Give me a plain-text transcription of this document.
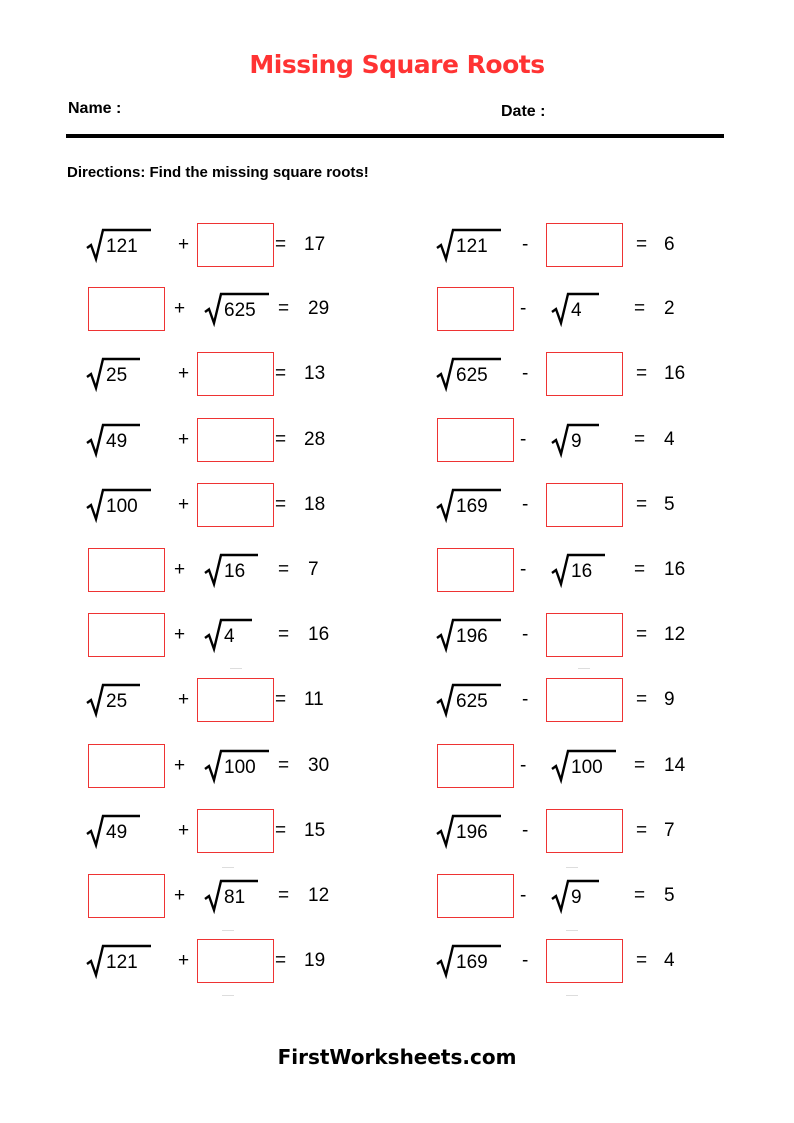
Missing Square Roots
Name :	Date :
Directions: Find the missing square roots!
121 +	= 17
+ 625 = 29
25	+	= 13
49	+	= 28
100 +	= 18
+ 16 = 7
+ 4 = 16
25	+	= 11
+ 100 = 30
49	+	= 15
+ 81 = 12
121 +	= 19
121 -	= 6
- 4	= 2
625 -	= 16
- 9	= 4
169 -	= 5
- 16 = 16
196 -	= 12
625 -	= 9
- 100 = 14
196 -	= 7
- 9	= 5
169 -	= 4
FirstWorksheets.com
